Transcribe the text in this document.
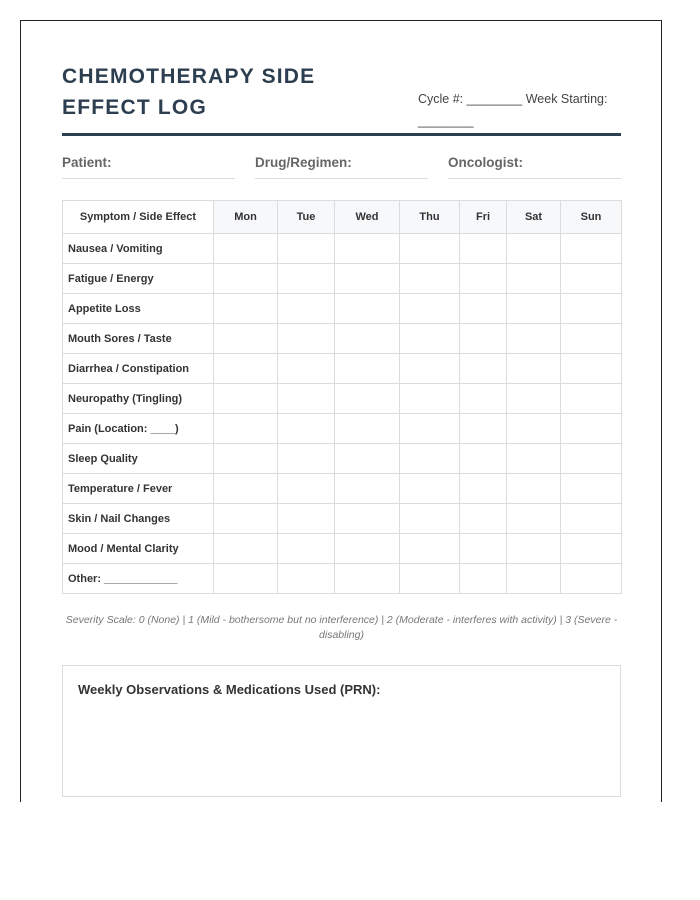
CHEMOTHERAPY SIDE
EFFECT LOG	Cycle #: ________ Week Starting: ________
Patient:	Drug/Regimen:	Oncologist:
Symptom / Side Effect	Mon	Tue	Wed	Thu	Fri	Sat	Sun
Nausea / Vomiting							
Fatigue / Energy							
Appetite Loss							
Mouth Sores / Taste							
Diarrhea / Constipation							
Neuropathy (Tingling)							
Pain (Location: ____)							
Sleep Quality							
Temperature / Fever							
Skin / Nail Changes							
Mood / Mental Clarity							
Other: ____________							
Severity Scale: 0 (None) | 1 (Mild - bothersome but no interference) | 2 (Moderate - interferes with activity) | 3 (Severe - disabling)
Weekly Observations & Medications Used (PRN):
